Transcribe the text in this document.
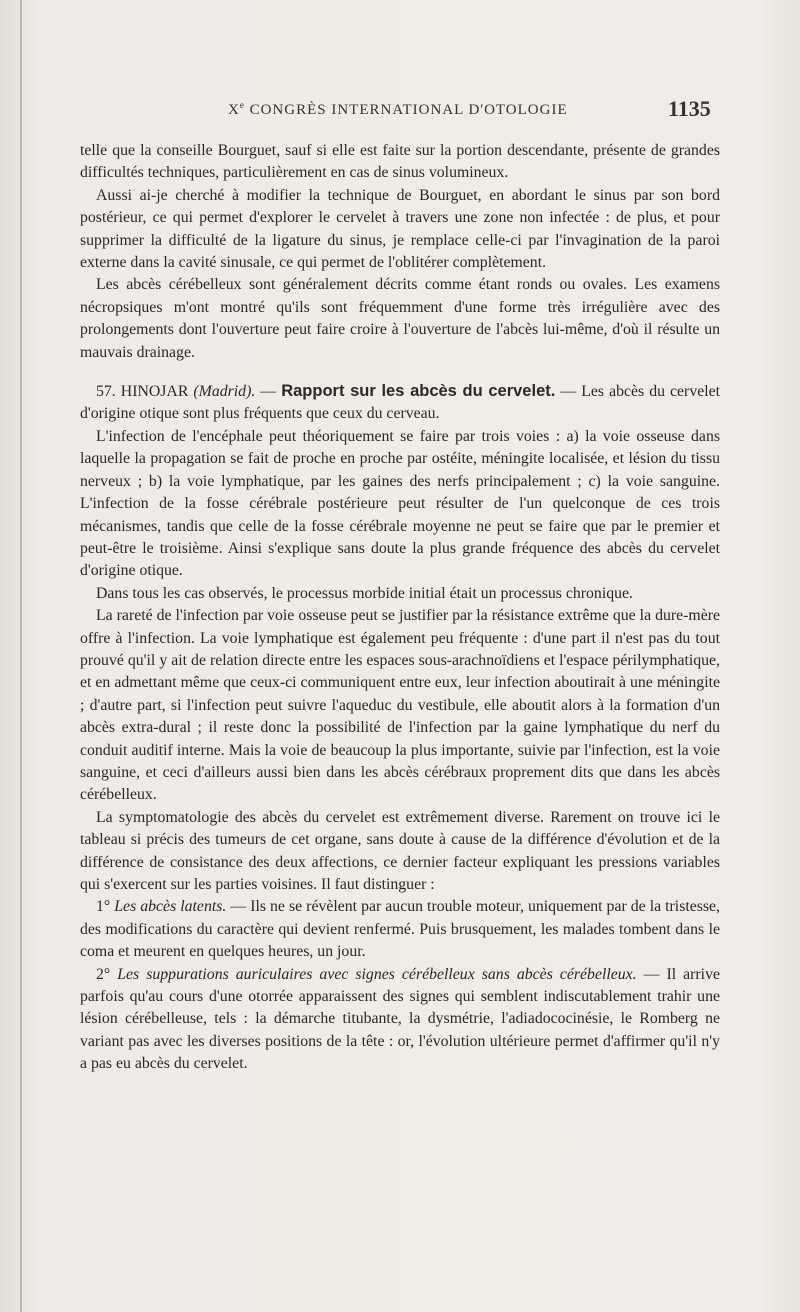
Xe CONGRÈS INTERNATIONAL D'OTOLOGIE	1135

telle que la conseille Bourguet, sauf si elle est faite sur la portion descendante, présente de grandes difficultés techniques, particulièrement en cas de sinus volumineux.

Aussi ai-je cherché à modifier la technique de Bourguet, en abordant le sinus par son bord postérieur, ce qui permet d'explorer le cervelet à travers une zone non infectée : de plus, et pour supprimer la difficulté de la ligature du sinus, je remplace celle-ci par l'invagination de la paroi externe dans la cavité sinusale, ce qui permet de l'oblitérer complètement.

Les abcès cérébelleux sont généralement décrits comme étant ronds ou ovales. Les examens nécropsiques m'ont montré qu'ils sont fréquemment d'une forme très irrégulière avec des prolongements dont l'ouverture peut faire croire à l'ouverture de l'abcès lui-même, d'où il résulte un mauvais drainage.

57. HINOJAR (Madrid). — Rapport sur les abcès du cervelet. — Les abcès du cervelet d'origine otique sont plus fréquents que ceux du cerveau.

L'infection de l'encéphale peut théoriquement se faire par trois voies : a) la voie osseuse dans laquelle la propagation se fait de proche en proche par ostéite, méningite localisée, et lésion du tissu nerveux ; b) la voie lymphatique, par les gaines des nerfs principalement ; c) la voie sanguine. L'infection de la fosse cérébrale postérieure peut résulter de l'un quelconque de ces trois mécanismes, tandis que celle de la fosse cérébrale moyenne ne peut se faire que par le premier et peut-être le troisième. Ainsi s'explique sans doute la plus grande fréquence des abcès du cervelet d'origine otique.

Dans tous les cas observés, le processus morbide initial était un processus chronique.

La rareté de l'infection par voie osseuse peut se justifier par la résistance extrême que la dure-mère offre à l'infection. La voie lymphatique est également peu fréquente : d'une part il n'est pas du tout prouvé qu'il y ait de relation directe entre les espaces sous-arachnoïdiens et l'espace périlymphatique, et en admettant même que ceux-ci communiquent entre eux, leur infection aboutirait à une méningite ; d'autre part, si l'infection peut suivre l'aqueduc du vestibule, elle aboutit alors à la formation d'un abcès extra-dural ; il reste donc la possibilité de l'infection par la gaine lymphatique du nerf du conduit auditif interne. Mais la voie de beaucoup la plus importante, suivie par l'infection, est la voie sanguine, et ceci d'ailleurs aussi bien dans les abcès cérébraux proprement dits que dans les abcès cérébelleux.

La symptomatologie des abcès du cervelet est extrêmement diverse. Rarement on trouve ici le tableau si précis des tumeurs de cet organe, sans doute à cause de la différence d'évolution et de la différence de consistance des deux affections, ce dernier facteur expliquant les pressions variables qui s'exercent sur les parties voisines. Il faut distinguer :

1° Les abcès latents. — Ils ne se révèlent par aucun trouble moteur, uniquement par de la tristesse, des modifications du caractère qui devient renfermé. Puis brusquement, les malades tombent dans le coma et meurent en quelques heures, un jour.

2° Les suppurations auriculaires avec signes cérébelleux sans abcès cérébelleux. — Il arrive parfois qu'au cours d'une otorrée apparaissent des signes qui semblent indiscutablement trahir une lésion cérébelleuse, tels : la démarche titubante, la dysmétrie, l'adiadococinésie, le Romberg ne variant pas avec les diverses positions de la tête : or, l'évolution ultérieure permet d'affirmer qu'il n'y a pas eu abcès du cervelet.
